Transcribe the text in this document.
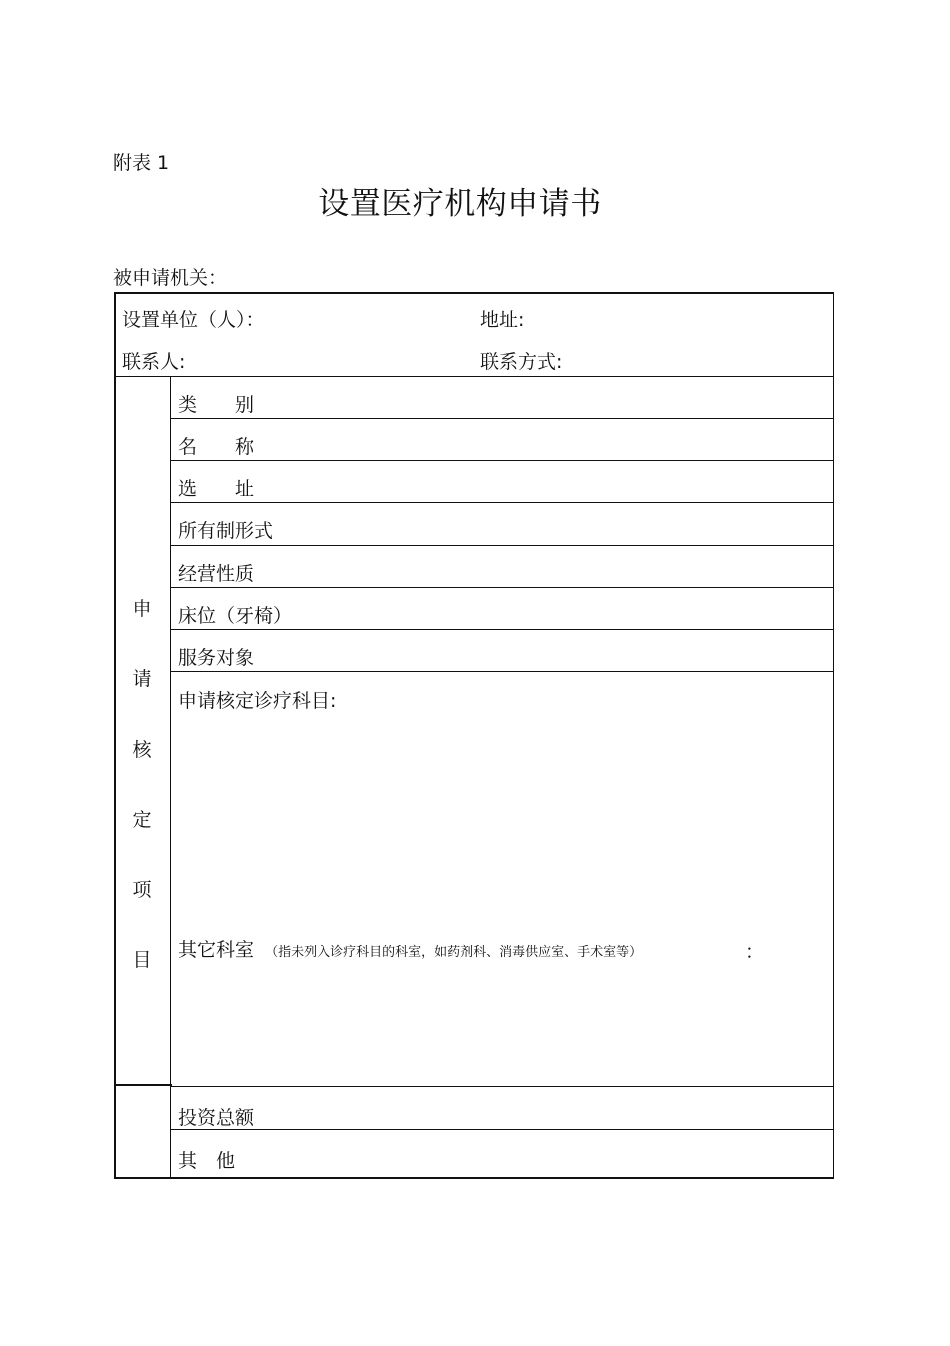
附表 1
设置医疗机构申请书
被申请机关：
设置单位（人）：	地址:
联系人:	联系方式:
申
请
核
定
项
目
类　　别
名　　称
选　　址
所有制形式
经营性质
床位（牙椅）
服务对象
申请核定诊疗科目:
其它科室 （指未列入诊疗科目的科室，如药剂科、消毒供应室、手术室等）	：
投资总额
其　他
